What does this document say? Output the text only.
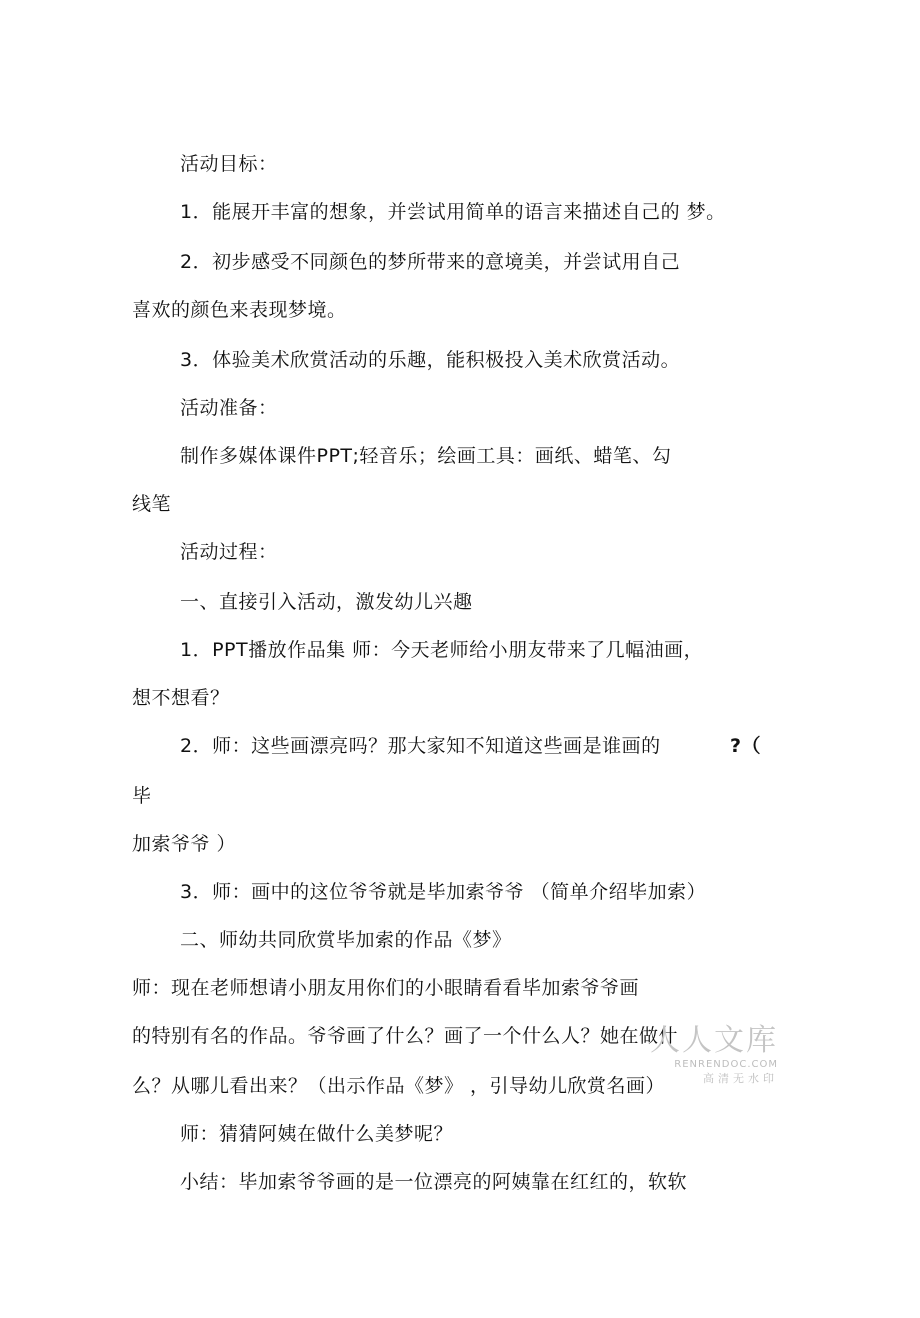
活动目标：
1．能展开丰富的想象，并尝试用简单的语言来描述自己的 梦。
2．初步感受不同颜色的梦所带来的意境美，并尝试用自己
喜欢的颜色来表现梦境。
3．体验美术欣赏活动的乐趣，能积极投入美术欣赏活动。
活动准备：
制作多媒体课件PPT;轻音乐；绘画工具：画纸、蜡笔、勾
线笔
活动过程：
一、直接引入活动，激发幼儿兴趣
1．PPT播放作品集 师：今天老师给小朋友带来了几幅油画，
想不想看？
2．师：这些画漂亮吗？那大家知不知道这些画是谁画的	?（
毕
加索爷爷 ）
3．师：画中的这位爷爷就是毕加索爷爷 （简单介绍毕加索）
二、师幼共同欣赏毕加索的作品《梦》
师：现在老师想请小朋友用你们的小眼睛看看毕加索爷爷画
的特别有名的作品。爷爷画了什么？画了一个什么人？她在做什
么？从哪儿看出来？（出示作品《梦》 ，引导幼儿欣赏名画）
师：猜猜阿姨在做什么美梦呢？
小结：毕加索爷爷画的是一位漂亮的阿姨靠在红红的，软软
人人文库
RENRENDOC.COM
高清无水印
